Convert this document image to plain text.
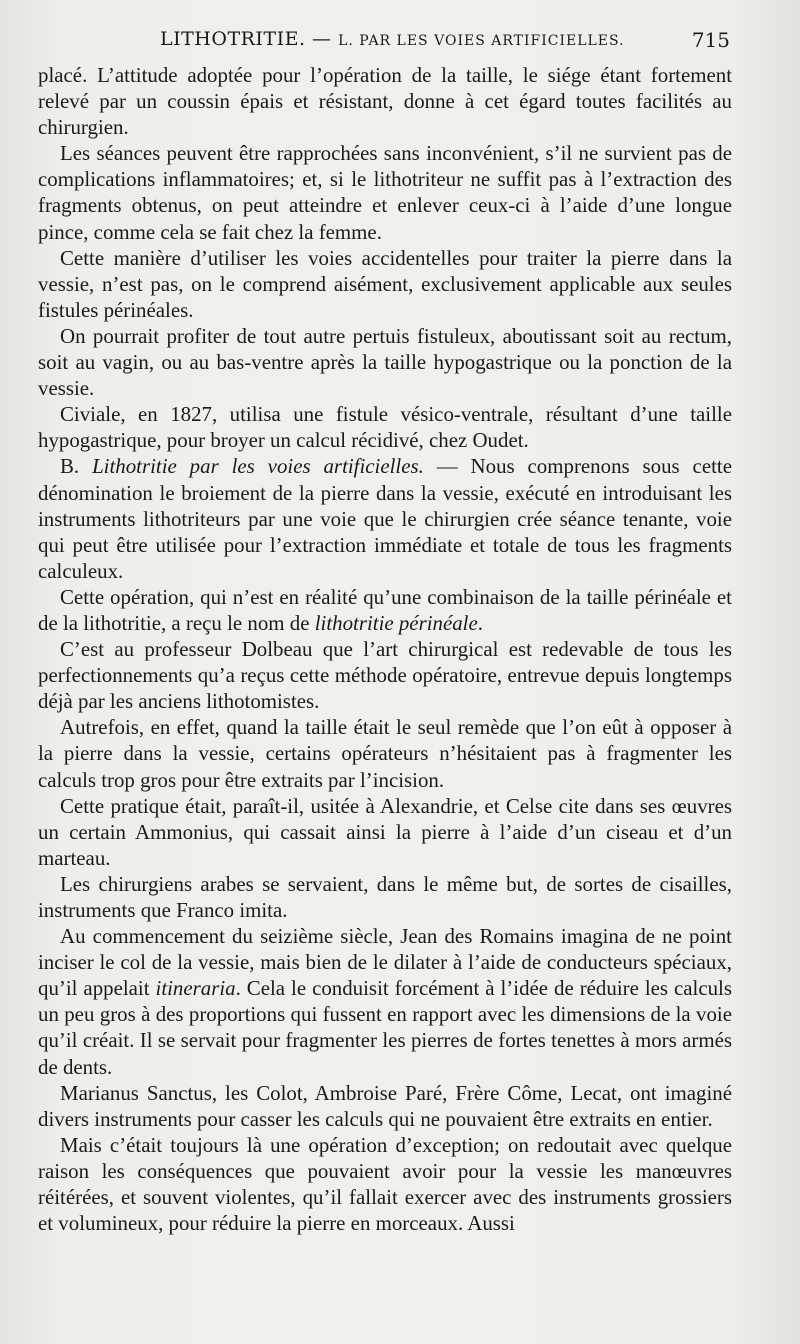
LITHOTRITIE. — L. PAR LES VOIES ARTIFICIELLES.	715

placé. L’attitude adoptée pour l’opération de la taille, le siége étant fortement relevé par un coussin épais et résistant, donne à cet égard toutes facilités au chirurgien.

Les séances peuvent être rapprochées sans inconvénient, s’il ne survient pas de complications inflammatoires; et, si le lithotriteur ne suffit pas à l’extraction des fragments obtenus, on peut atteindre et enlever ceux-ci à l’aide d’une longue pince, comme cela se fait chez la femme.

Cette manière d’utiliser les voies accidentelles pour traiter la pierre dans la vessie, n’est pas, on le comprend aisément, exclusivement applicable aux seules fistules périnéales.

On pourrait profiter de tout autre pertuis fistuleux, aboutissant soit au rectum, soit au vagin, ou au bas-ventre après la taille hypogastrique ou la ponction de la vessie.

Civiale, en 1827, utilisa une fistule vésico-ventrale, résultant d’une taille hypogastrique, pour broyer un calcul récidivé, chez Oudet.

B. Lithotritie par les voies artificielles. — Nous comprenons sous cette dénomination le broiement de la pierre dans la vessie, exécuté en introduisant les instruments lithotriteurs par une voie que le chirurgien crée séance tenante, voie qui peut être utilisée pour l’extraction immédiate et totale de tous les fragments calculeux.

Cette opération, qui n’est en réalité qu’une combinaison de la taille périnéale et de la lithotritie, a reçu le nom de lithotritie périnéale.

C’est au professeur Dolbeau que l’art chirurgical est redevable de tous les perfectionnements qu’a reçus cette méthode opératoire, entrevue depuis longtemps déjà par les anciens lithotomistes.

Autrefois, en effet, quand la taille était le seul remède que l’on eût à opposer à la pierre dans la vessie, certains opérateurs n’hésitaient pas à fragmenter les calculs trop gros pour être extraits par l’incision.

Cette pratique était, paraît-il, usitée à Alexandrie, et Celse cite dans ses œuvres un certain Ammonius, qui cassait ainsi la pierre à l’aide d’un ciseau et d’un marteau.

Les chirurgiens arabes se servaient, dans le même but, de sortes de cisailles, instruments que Franco imita.

Au commencement du seizième siècle, Jean des Romains imagina de ne point inciser le col de la vessie, mais bien de le dilater à l’aide de conducteurs spéciaux, qu’il appelait itineraria. Cela le conduisit forcément à l’idée de réduire les calculs un peu gros à des proportions qui fussent en rapport avec les dimensions de la voie qu’il créait. Il se servait pour fragmenter les pierres de fortes tenettes à mors armés de dents.

Marianus Sanctus, les Colot, Ambroise Paré, Frère Côme, Lecat, ont imaginé divers instruments pour casser les calculs qui ne pouvaient être extraits en entier.

Mais c’était toujours là une opération d’exception; on redoutait avec quelque raison les conséquences que pouvaient avoir pour la vessie les manœuvres réitérées, et souvent violentes, qu’il fallait exercer avec des instruments grossiers et volumineux, pour réduire la pierre en morceaux. Aussi
